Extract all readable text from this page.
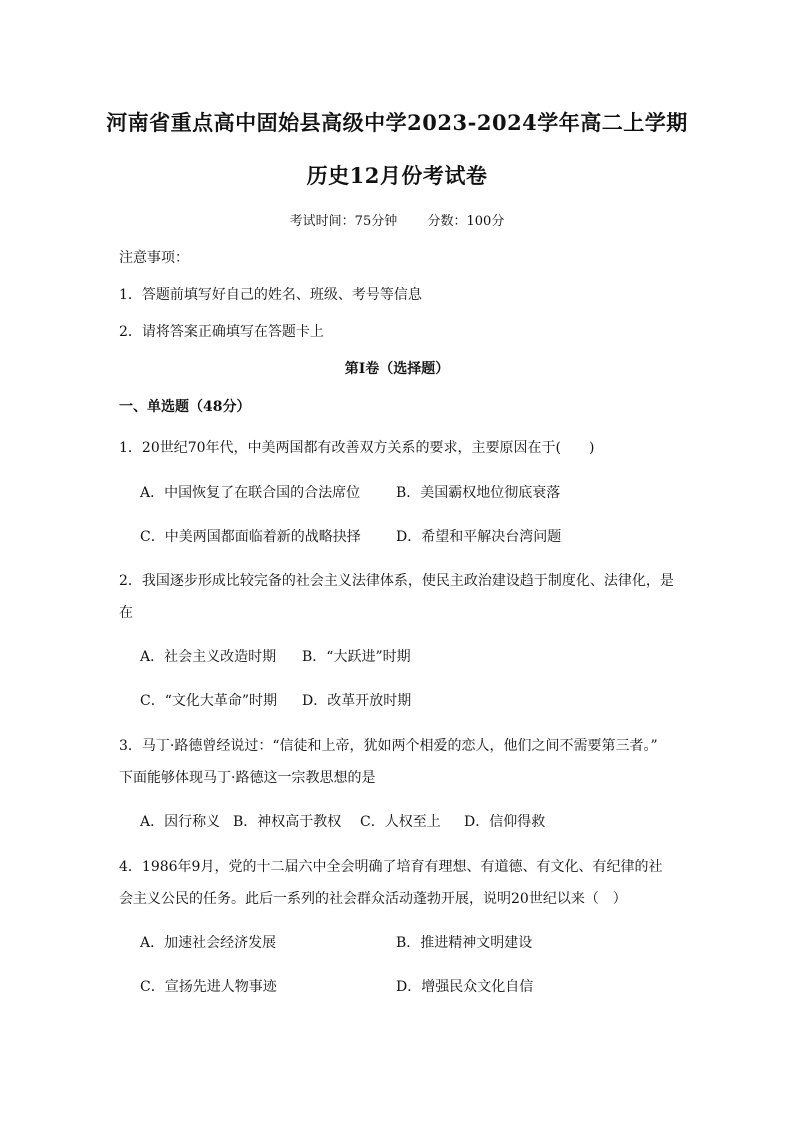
河南省重点高中固始县高级中学2023-2024学年高二上学期
历史12月份考试卷
考试时间：75分钟 分数：100分
注意事项：
1．答题前填写好自己的姓名、班级、考号等信息
2．请将答案正确填写在答题卡上
第I卷（选择题）
一、单选题（48分）
1．20世纪70年代，中美两国都有改善双方关系的要求，主要原因在于(　　)
A．中国恢复了在联合国的合法席位	B．美国霸权地位彻底衰落
C．中美两国都面临着新的战略抉择	D．希望和平解决台湾问题
2．我国逐步形成比较完备的社会主义法律体系，使民主政治建设趋于制度化、法律化，是
在
A．社会主义改造时期 B．“大跃进”时期
C．“文化大革命”时期 D．改革开放时期
3．马丁·路德曾经说过：“信徒和上帝，犹如两个相爱的恋人，他们之间不需要第三者。”
下面能够体现马丁·路德这一宗教思想的是
A．因行称义 B．神权高于教权 C．人权至上 D．信仰得救
4．1986年9月，党的十二届六中全会明确了培育有理想、有道德、有文化、有纪律的社
会主义公民的任务。此后一系列的社会群众活动蓬勃开展，说明20世纪以来（　）
A．加速社会经济发展	B．推进精神文明建设
C．宣扬先进人物事迹	D．增强民众文化自信
